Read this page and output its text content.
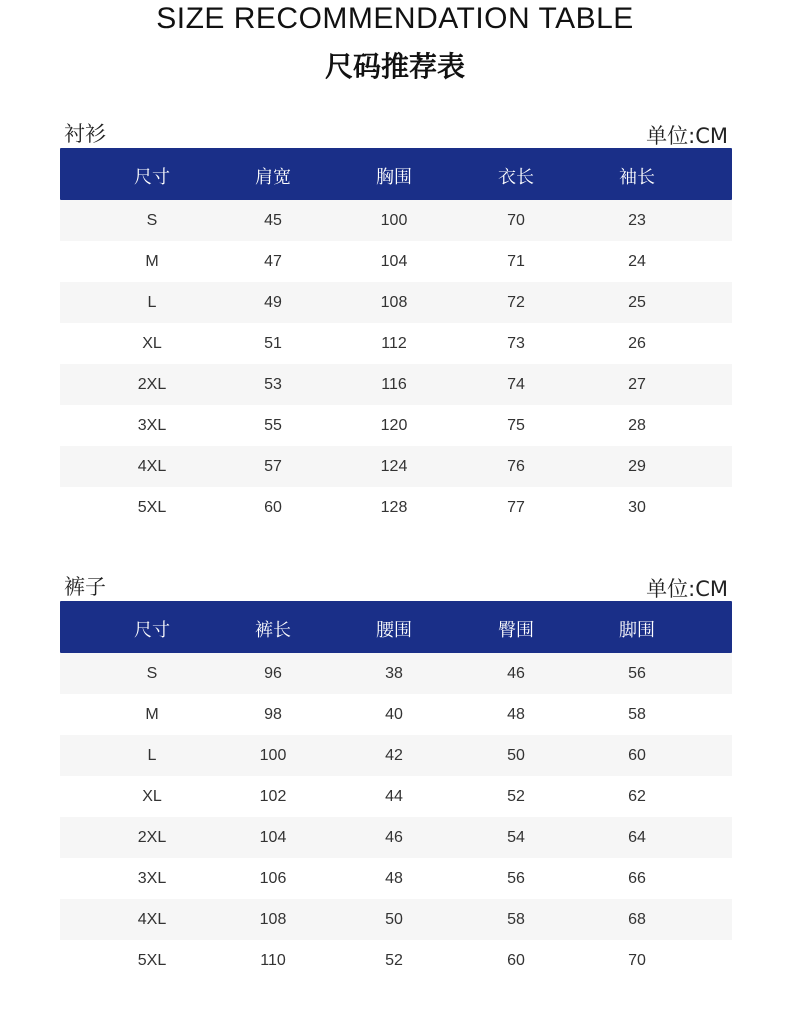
SIZE RECOMMENDATION TABLE
尺码推荐表
衬衫	单位:CM
尺寸	肩宽	胸围	衣长	袖长
S	45	100	70	23
M	47	104	71	24
L	49	108	72	25
XL	51	112	73	26
2XL	53	116	74	27
3XL	55	120	75	28
4XL	57	124	76	29
5XL	60	128	77	30
裤子	单位:CM
尺寸	裤长	腰围	臀围	脚围
S	96	38	46	56
M	98	40	48	58
L	100	42	50	60
XL	102	44	52	62
2XL	104	46	54	64
3XL	106	48	56	66
4XL	108	50	58	68
5XL	110	52	60	70
